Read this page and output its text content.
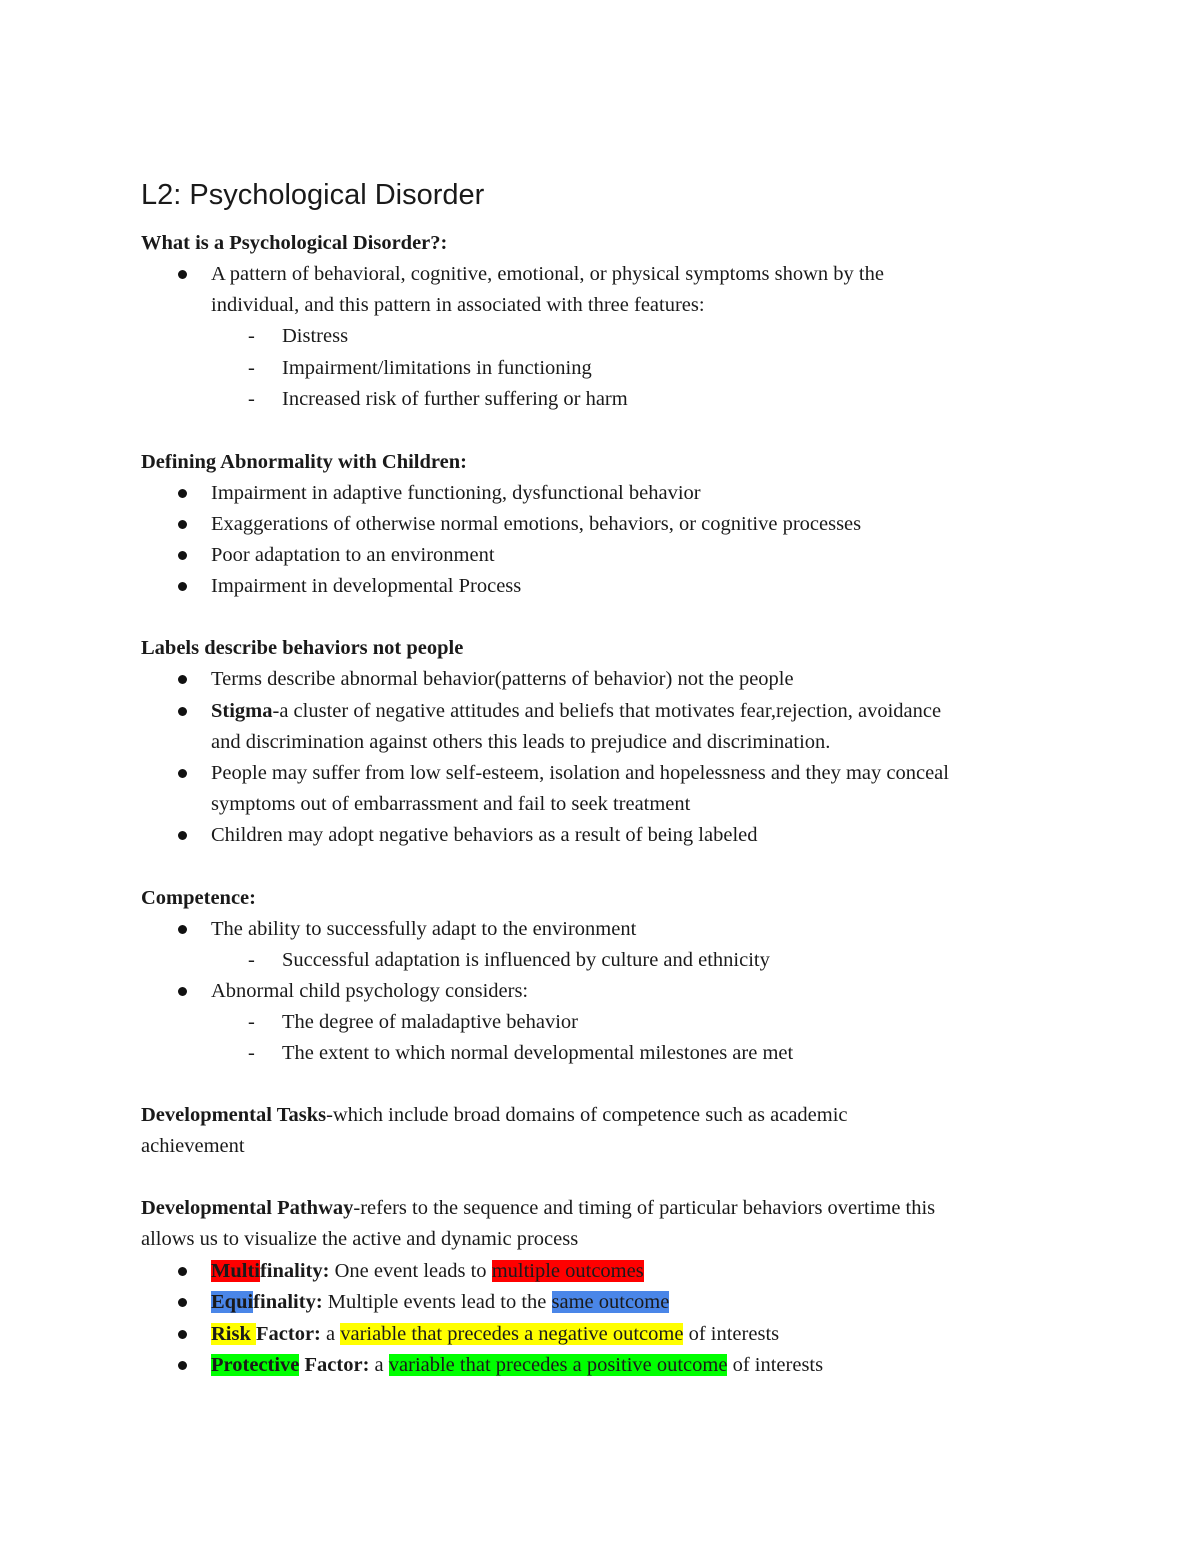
L2: Psychological Disorder
What is a Psychological Disorder?:
A pattern of behavioral, cognitive, emotional, or physical symptoms shown by the
individual, and this pattern in associated with three features:
- Distress
- Impairment/limitations in functioning
- Increased risk of further suffering or harm
Defining Abnormality with Children:
Impairment in adaptive functioning, dysfunctional behavior
Exaggerations of otherwise normal emotions, behaviors, or cognitive processes
Poor adaptation to an environment
Impairment in developmental Process
Labels describe behaviors not people
Terms describe abnormal behavior(patterns of behavior) not the people
Stigma-a cluster of negative attitudes and beliefs that motivates fear,rejection, avoidance
and discrimination against others this leads to prejudice and discrimination.
People may suffer from low self-esteem, isolation and hopelessness and they may conceal
symptoms out of embarrassment and fail to seek treatment
Children may adopt negative behaviors as a result of being labeled
Competence:
The ability to successfully adapt to the environment
- Successful adaptation is influenced by culture and ethnicity
Abnormal child psychology considers:
- The degree of maladaptive behavior
- The extent to which normal developmental milestones are met
Developmental Tasks-which include broad domains of competence such as academic
achievement
Developmental Pathway-refers to the sequence and timing of particular behaviors overtime this
allows us to visualize the active and dynamic process
Multifinality: One event leads to multiple outcomes
Equifinality: Multiple events lead to the same outcome
Risk Factor: a variable that precedes a negative outcome of interests
Protective Factor: a variable that precedes a positive outcome of interests
